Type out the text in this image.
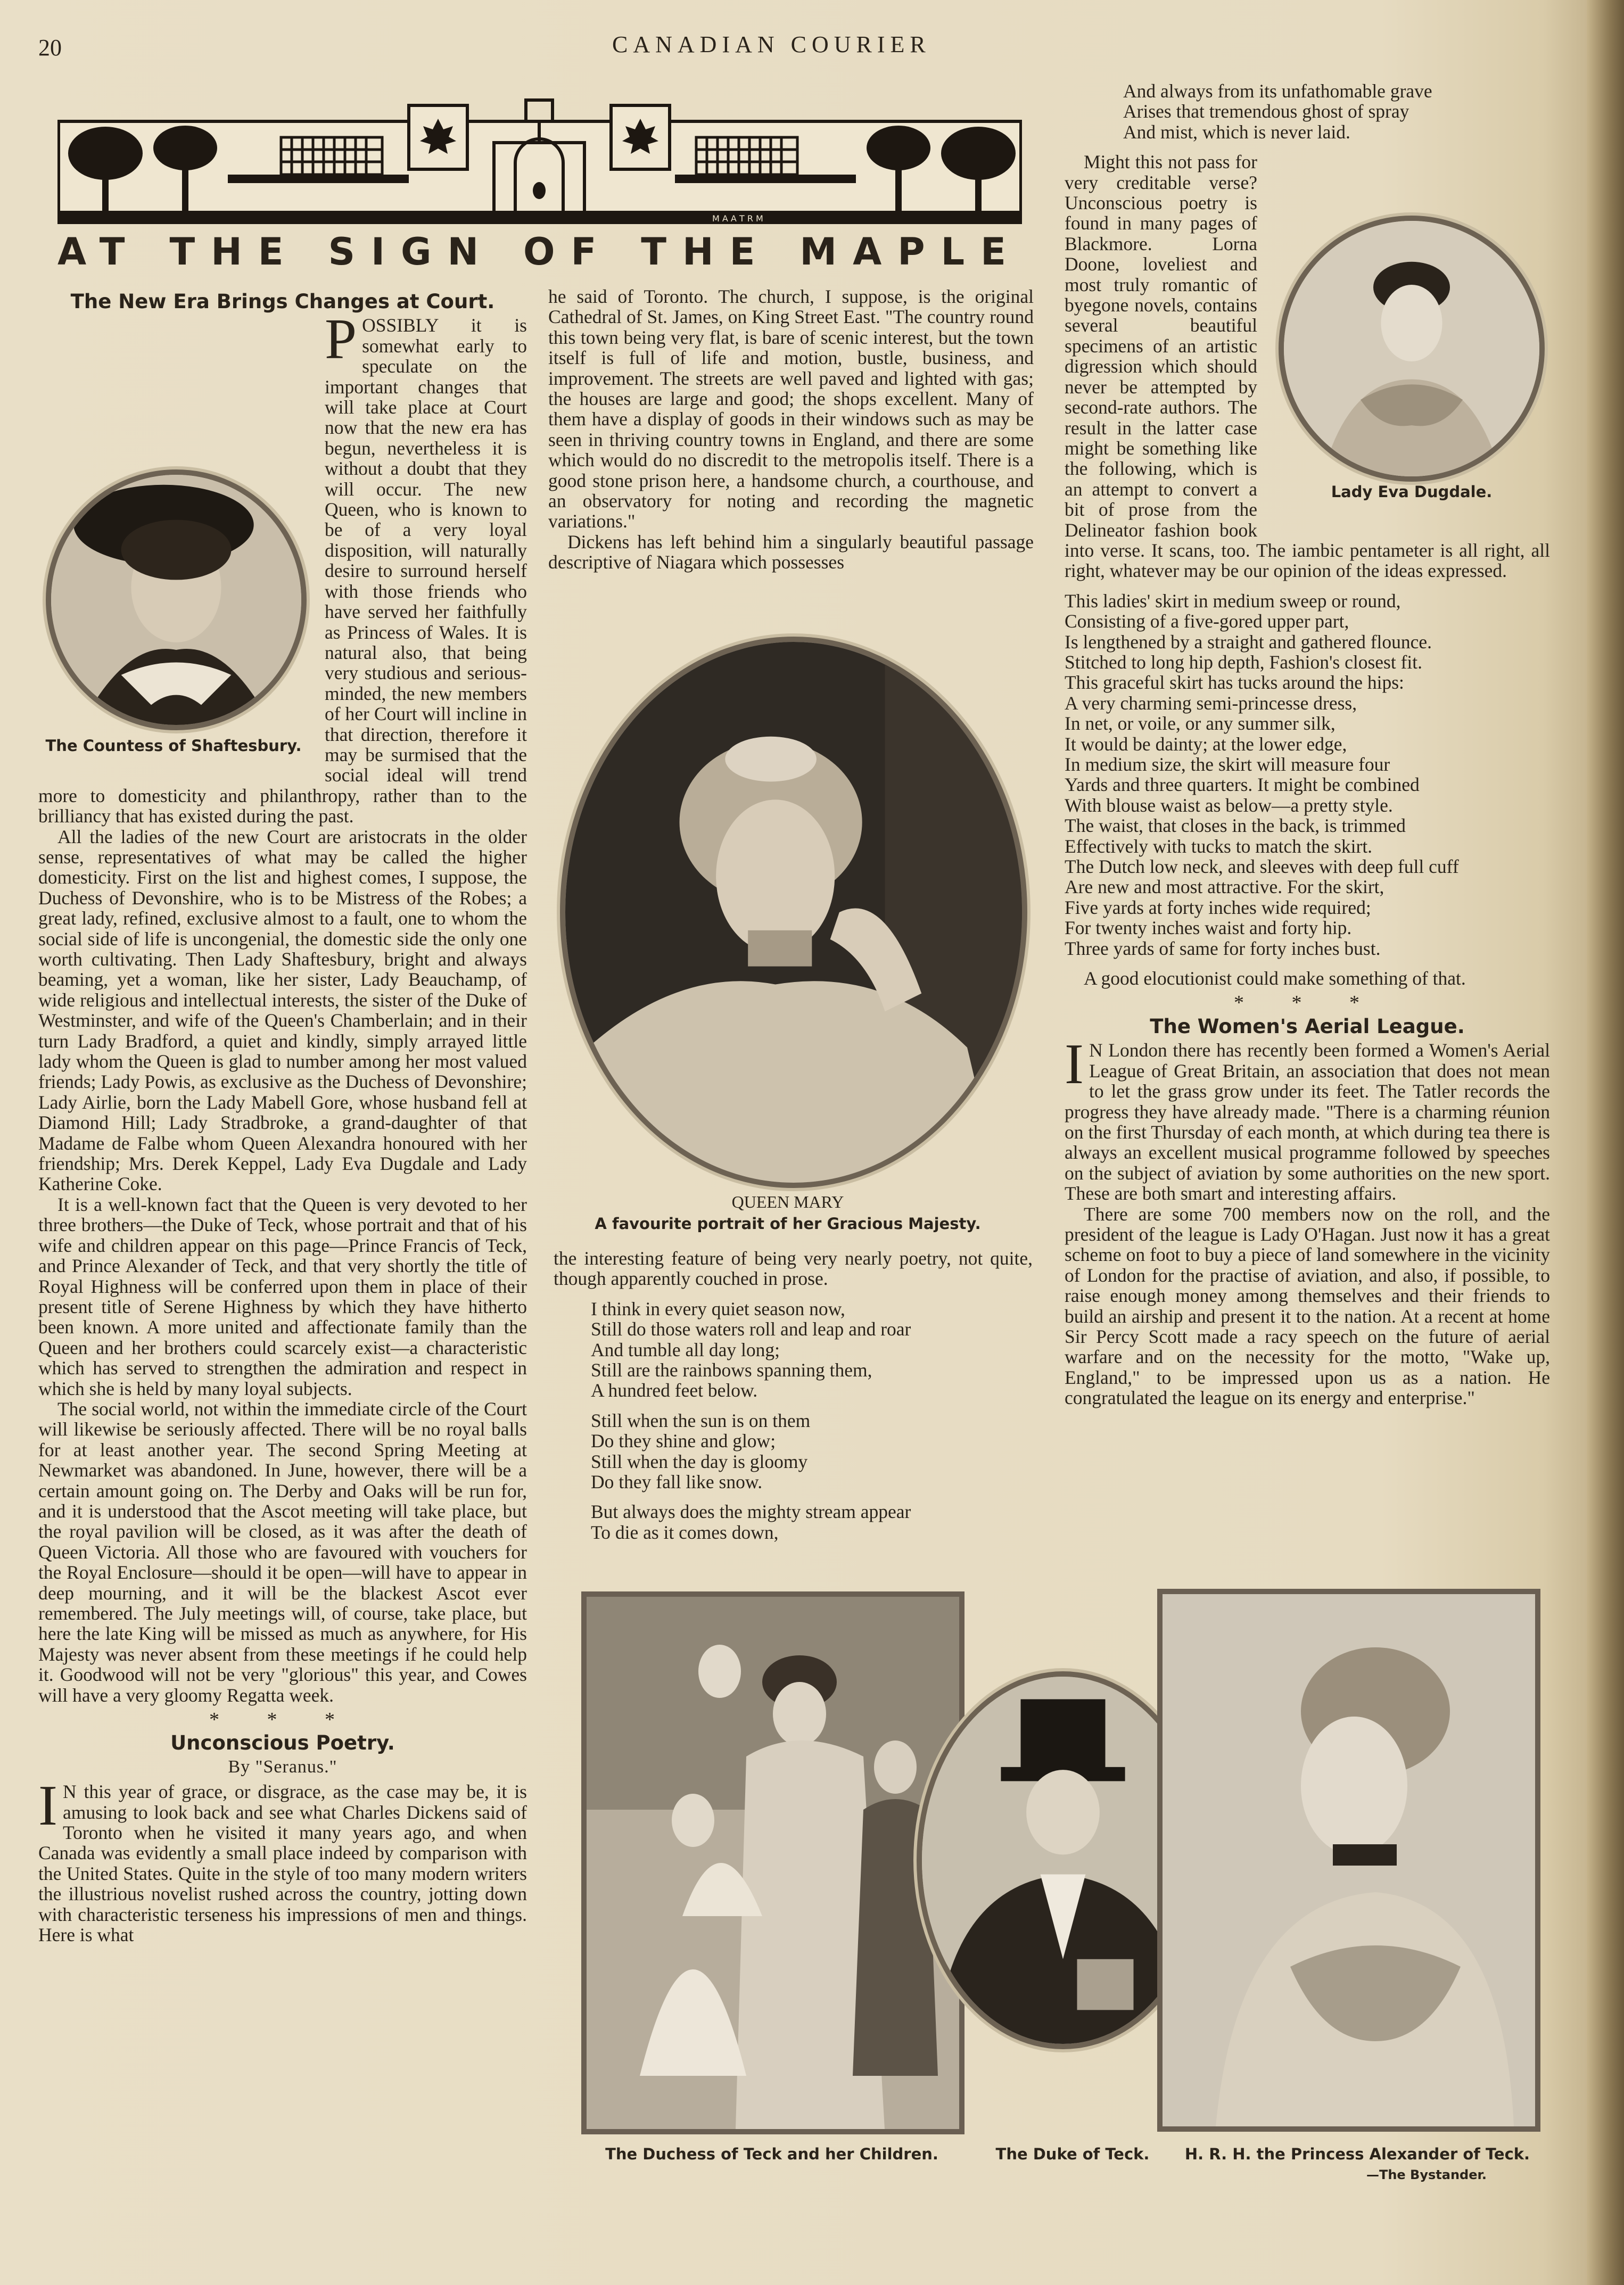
20	CANADIAN COURIER
M A A T R M
AT THE SIGN OF THE MAPLE
The New Era Brings Changes at Court.
The Countess of Shaftesbury.

POSSIBLY it is somewhat early to speculate on the important changes that will take place at Court now that the new era has begun, nevertheless it is without a doubt that they will occur. The new Queen, who is known to be of a very loyal disposition, will naturally desire to surround herself with those friends who have served her faithfully as Princess of Wales. It is natural also, that being very studious and serious-minded, the new members of her Court will incline in that direction, therefore it may be surmised that the social ideal will trend more to domesticity and philanthropy, rather than to the brilliancy that has existed during the past.

All the ladies of the new Court are aristocrats in the older sense, representatives of what may be called the higher domesticity. First on the list and highest comes, I suppose, the Duchess of Devonshire, who is to be Mistress of the Robes; a great lady, refined, exclusive almost to a fault, one to whom the social side of life is uncongenial, the domestic side the only one worth cultivating. Then Lady Shaftesbury, bright and always beaming, yet a woman, like her sister, Lady Beauchamp, of wide religious and intellectual interests, the sister of the Duke of Westminster, and wife of the Queen's Chamberlain; and in their turn Lady Bradford, a quiet and kindly, simply arrayed little lady whom the Queen is glad to number among her most valued friends; Lady Powis, as exclusive as the Duchess of Devonshire; Lady Airlie, born the Lady Mabell Gore, whose husband fell at Diamond Hill; Lady Stradbroke, a grand-daughter of that Madame de Falbe whom Queen Alexandra honoured with her friendship; Mrs. Derek Keppel, Lady Eva Dugdale and Lady Katherine Coke.

It is a well-known fact that the Queen is very devoted to her three brothers—the Duke of Teck, whose portrait and that of his wife and children appear on this page—Prince Francis of Teck, and Prince Alexander of Teck, and that very shortly the title of Royal Highness will be conferred upon them in place of their present title of Serene Highness by which they have hitherto been known. A more united and affectionate family than the Queen and her brothers could scarcely exist—a characteristic which has served to strengthen the admiration and respect in which she is held by many loyal subjects.

The social world, not within the immediate circle of the Court will likewise be seriously affected. There will be no royal balls for at least another year. The second Spring Meeting at Newmarket was abandoned. In June, however, there will be a certain amount going on. The Derby and Oaks will be run for, and it is understood that the Ascot meeting will take place, but the royal pavilion will be closed, as it was after the death of Queen Victoria. All those who are favoured with vouchers for the Royal Enclosure—should it be open—will have to appear in deep mourning, and it will be the blackest Ascot ever remembered. The July meetings will, of course, take place, but here the late King will be missed as much as anywhere, for His Majesty was never absent from these meetings if he could help it. Goodwood will not be very "glorious" this year, and Cowes will have a very gloomy Regatta week.

* * *
Unconscious Poetry.
By "Seranus."

I N this year of grace, or disgrace, as the case may be, it is amusing to look back and see what Charles Dickens said of Toronto when he visited it many years ago, and when Canada was evidently a small place indeed by comparison with the United States. Quite in the style of too many modern writers the illustrious novelist rushed across the country, jotting down with characteristic terseness his impressions of men and things. Here is what

he said of Toronto. The church, I suppose, is the original Cathedral of St. James, on King Street East. "The country round this town being very flat, is bare of scenic interest, but the town itself is full of life and motion, bustle, business, and improvement. The streets are well paved and lighted with gas; the houses are large and good; the shops excellent. Many of them have a display of goods in their windows such as may be seen in thriving country towns in England, and there are some which would do no discredit to the metropolis itself. There is a good stone prison here, a handsome church, a courthouse, and an observatory for noting and recording the magnetic variations."

Dickens has left behind him a singularly beautiful passage descriptive of Niagara which possesses

QUEEN MARY
A favourite portrait of her Gracious Majesty.

the interesting feature of being very nearly poetry, not quite, though apparently couched in prose.

I think in every quiet season now,
Still do those waters roll and leap and roar
And tumble all day long;
Still are the rainbows spanning them,
A hundred feet below.
Still when the sun is on them
Do they shine and glow;
Still when the day is gloomy
Do they fall like snow.
But always does the mighty stream appear
To die as it comes down,
And always from its unfathomable grave
Arises that tremendous ghost of spray
And mist, which is never laid.
Lady Eva Dugdale.

Might this not pass for very creditable verse? Unconscious poetry is found in many pages of Blackmore. Lorna Doone, loveliest and most truly romantic of byegone novels, contains several beautiful specimens of an artistic digression which should never be attempted by second-rate authors. The result in the latter case might be something like the following, which is an attempt to convert a bit of prose from the Delineator fashion book into verse. It scans, too. The iambic pentameter is all right, all right, whatever may be our opinion of the ideas expressed.

This ladies' skirt in medium sweep or round,
Consisting of a five-gored upper part,
Is lengthened by a straight and gathered flounce.
Stitched to long hip depth, Fashion's closest fit.
This graceful skirt has tucks around the hips:
A very charming semi-princesse dress,
In net, or voile, or any summer silk,
It would be dainty; at the lower edge,
In medium size, the skirt will measure four
Yards and three quarters. It might be combined
With blouse waist as below—a pretty style.
The waist, that closes in the back, is trimmed
Effectively with tucks to match the skirt.
The Dutch low neck, and sleeves with deep full cuff
Are new and most attractive. For the skirt,
Five yards at forty inches wide required;
For twenty inches waist and forty hip.
Three yards of same for forty inches bust.

A good elocutionist could make something of that.

* * *
The Women's Aerial League.

I N London there has recently been formed a Women's Aerial League of Great Britain, an association that does not mean to let the grass grow under its feet. The Tatler records the progress they have already made. "There is a charming réunion on the first Thursday of each month, at which during tea there is always an excellent musical programme followed by speeches on the subject of aviation by some authorities on the new sport. These are both smart and interesting affairs.

There are some 700 members now on the roll, and the president of the league is Lady O'Hagan. Just now it has a great scheme on foot to buy a piece of land somewhere in the vicinity of London for the practise of aviation, and also, if possible, to raise enough money among themselves and their friends to build an airship and present it to the nation. At a recent at home Sir Percy Scott made a racy speech on the future of aerial warfare and on the necessity for the motto, "Wake up, England," to be impressed upon us as a nation. He congratulated the league on its energy and enterprise."

The Duchess of Teck and her Children.	The Duke of Teck.	H. R. H. the Princess Alexander of Teck.
—The Bystander.
